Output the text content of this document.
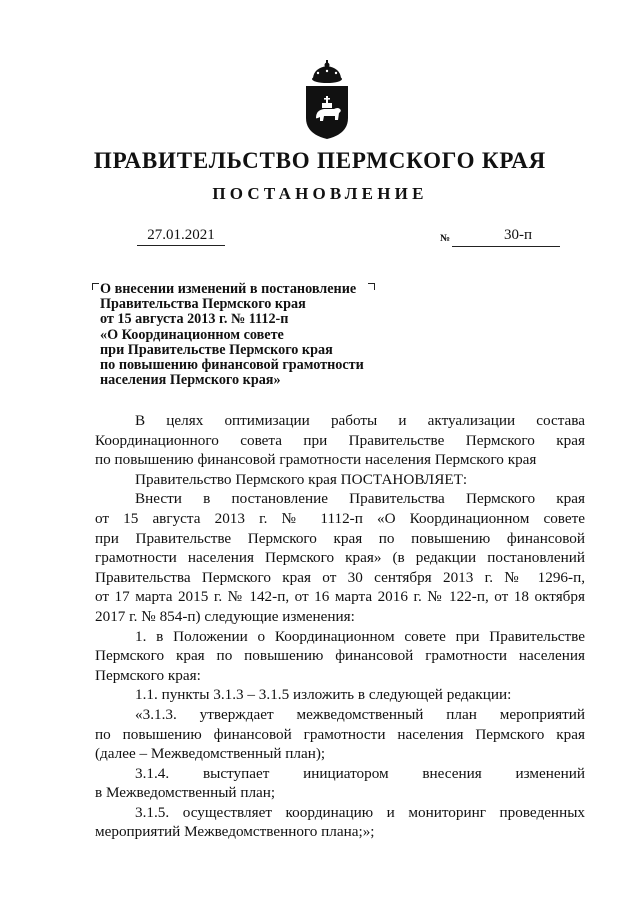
ПРАВИТЕЛЬСТВО ПЕРМСКОГО КРАЯ
ПОСТАНОВЛЕНИЕ
27.01.2021	№	30-п
О внесении изменений в постановление
Правительства Пермского края
от 15 августа 2013 г. № 1112-п
«О Координационном совете
при Правительстве Пермского края
по повышению финансовой грамотности
населения Пермского края»
В целях оптимизации работы и актуализации состава
Координационного совета при Правительстве Пермского края
по повышению финансовой грамотности населения Пермского края
Правительство Пермского края ПОСТАНОВЛЯЕТ:
Внести в постановление Правительства Пермского края
от 15 августа 2013 г. № 1112-п «О Координационном совете
при Правительстве Пермского края по повышению финансовой
грамотности населения Пермского края» (в редакции постановлений
Правительства Пермского края от 30 сентября 2013 г. № 1296-п,
от 17 марта 2015 г. № 142-п, от 16 марта 2016 г. № 122-п, от 18 октября
2017 г. № 854-п) следующие изменения:
1. в Положении о Координационном совете при Правительстве
Пермского края по повышению финансовой грамотности населения
Пермского края:
1.1. пункты 3.1.3 – 3.1.5 изложить в следующей редакции:
«3.1.3. утверждает межведомственный план мероприятий
по повышению финансовой грамотности населения Пермского края
(далее – Межведомственный план);
3.1.4. выступает инициатором внесения изменений
в Межведомственный план;
3.1.5. осуществляет координацию и мониторинг проведенных
мероприятий Межведомственного плана;»;
